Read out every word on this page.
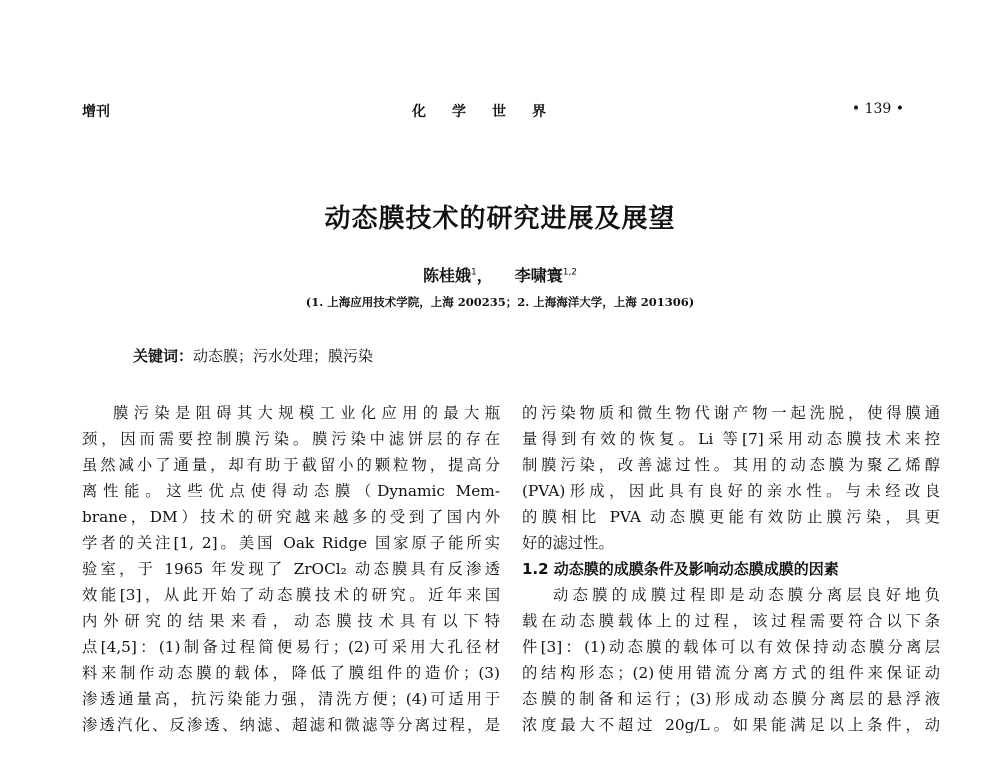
增刊	化学世界	• 139 •
动态膜技术的研究进展及展望
陈桂娥$^1$， 李啸寰$^{1,2}$
(1. 上海应用技术学院，上海 200235；2. 上海海洋大学，上海 201306)
关键词：动态膜；污水处理；膜污染
膜污染是阻碍其大规模工业化应用的最大瓶
颈，因而需要控制膜污染。膜污染中滤饼层的存在
虽然减小了通量，却有助于截留小的颗粒物，提高分
离性能。这些优点使得动态膜（Dynamic Mem-
brane，DM）技术的研究越来越多的受到了国内外
学者的关注[1, 2]。美国 Oak Ridge 国家原子能所实
验室，于 1965 年发现了 ZrOCl₂ 动态膜具有反渗透
效能[3]，从此开始了动态膜技术的研究。近年来国
内外研究的结果来看，动态膜技术具有以下特
点[4,5]：(1)制备过程简便易行；(2)可采用大孔径材
料来制作动态膜的载体，降低了膜组件的造价；(3)
渗透通量高，抗污染能力强，清洗方便；(4)可适用于
渗透汽化、反渗透、纳滤、超滤和微滤等分离过程，是
的污染物质和微生物代谢产物一起洗脱，使得膜通
量得到有效的恢复。Li 等[7]采用动态膜技术来控
制膜污染，改善滤过性。其用的动态膜为聚乙烯醇
(PVA)形成，因此具有良好的亲水性。与未经改良
的膜相比 PVA 动态膜更能有效防止膜污染，具更
好的滤过性。
1.2 动态膜的成膜条件及影响动态膜成膜的因素
动态膜的成膜过程即是动态膜分离层良好地负
载在动态膜载体上的过程，该过程需要符合以下条
件[3]：(1)动态膜的载体可以有效保持动态膜分离层
的结构形态；(2)使用错流分离方式的组件来保证动
态膜的制备和运行；(3)形成动态膜分离层的悬浮液
浓度最大不超过 20g/L。如果能满足以上条件，动
